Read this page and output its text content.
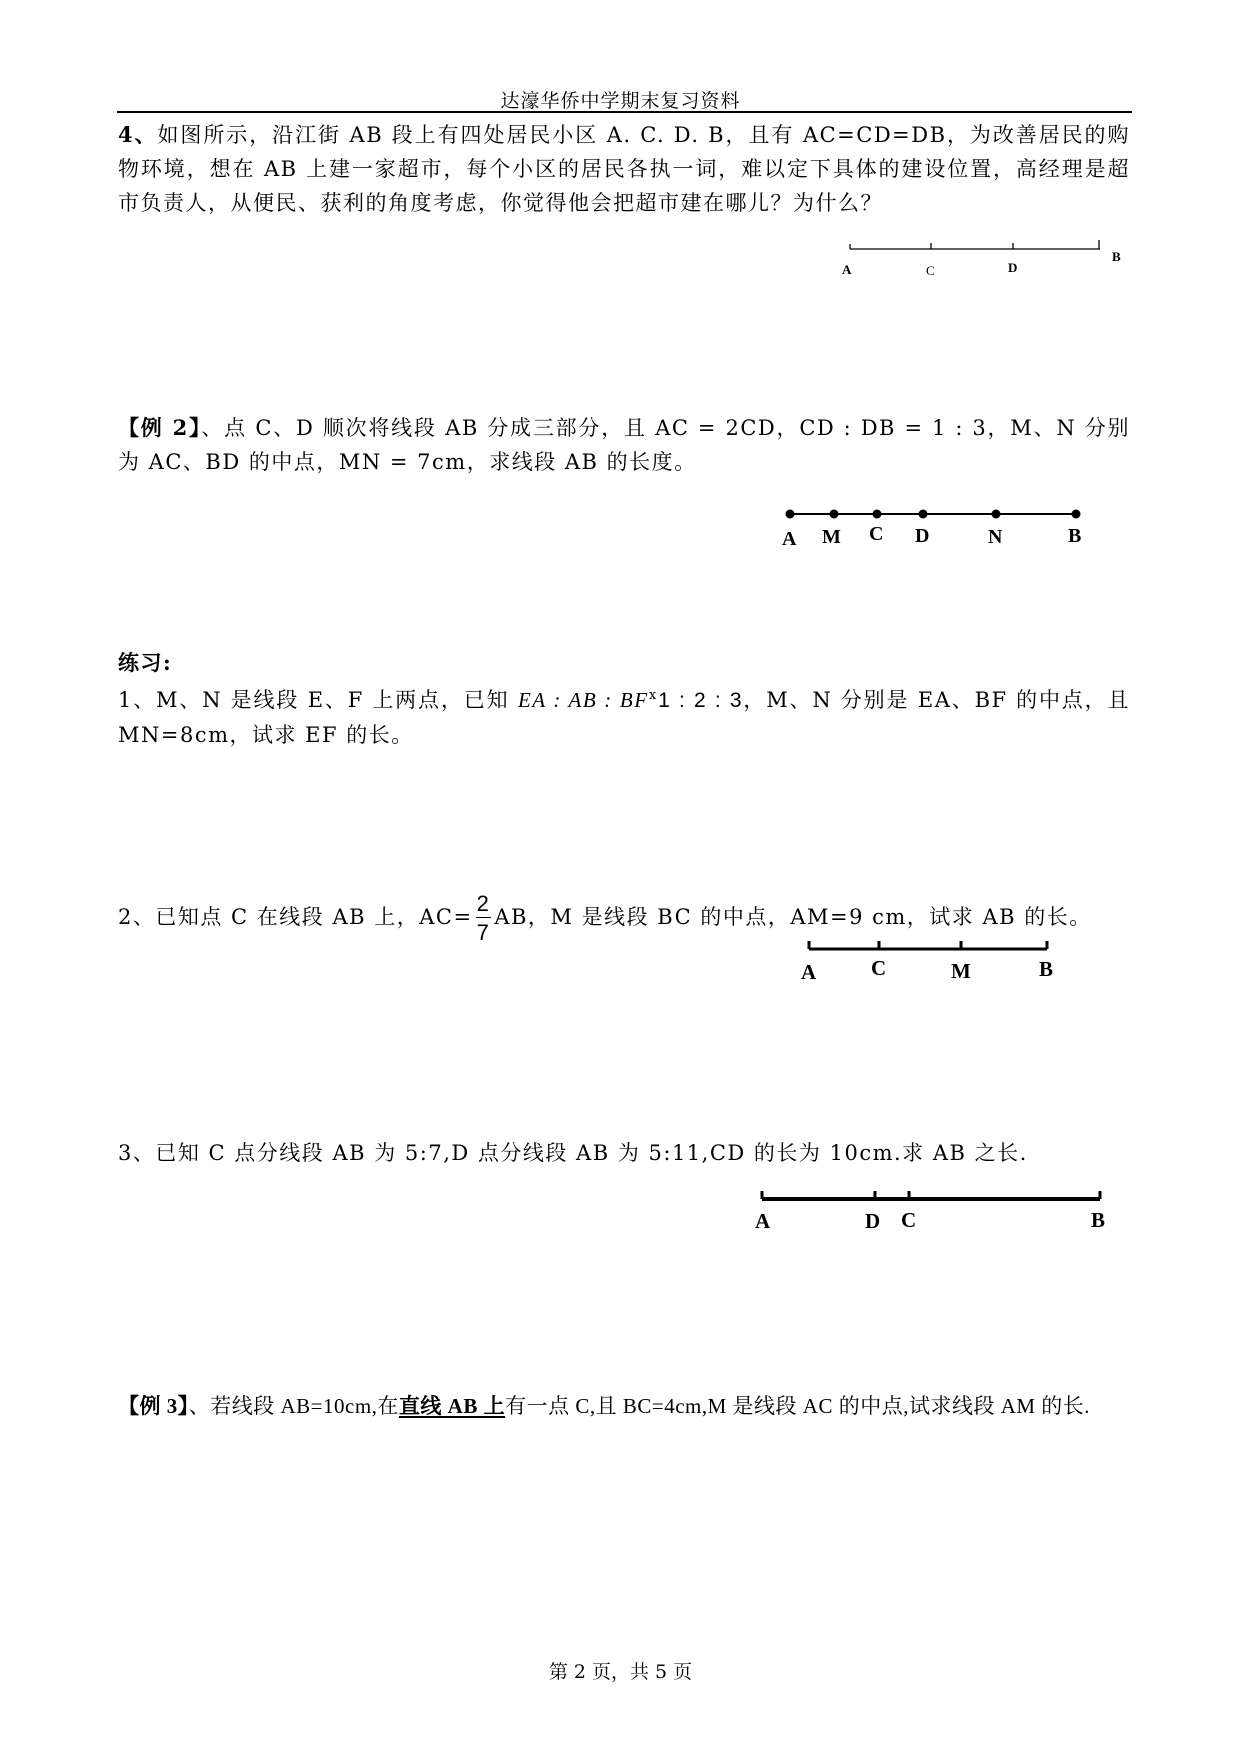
达濠华侨中学期末复习资料
4、如图所示，沿江街 AB 段上有四处居民小区 A. C. D. B，且有 AC=CD=DB，为改善居民的购物环境，想在 AB 上建一家超市，每个小区的居民各执一词，难以定下具体的建设位置，高经理是超市负责人，从便民、获利的角度考虑，你觉得他会把超市建在哪儿？为什么？
A	C	D
B
【例 2】、点 C、D 顺次将线段 AB 分成三部分，且 AC = 2CD，CD : DB = 1 : 3，M、N 分别为 AC、BD 的中点，MN = 7cm，求线段 AB 的长度。
A M C D	N	B
练习:
1、M、N 是线段 E、F 上两点，已知 EA : AB : $BF^ⅹ1$ : 2 : 3，M、N 分别是 EA、BF 的中点，且 MN=8cm，试求 EF 的长。
2、已知点 C 在线段 AB 上，$AC= \frac{2}{7}$ AB，M 是线段 BC 的中点，AM=9 cm，试求 AB 的长。
A	C	M	B
3、已知 C 点分线段 AB 为 5:7,D 点分线段 AB 为 5:11,CD 的长为 10cm.求 AB 之长.
A	D C	B
【例 3】、若线段 AB=10cm,在直线 AB 上有一点 C,且 BC=4cm,M 是线段 AC 的中点,试求线段 AM 的长.
第 2 页，共 5 页
